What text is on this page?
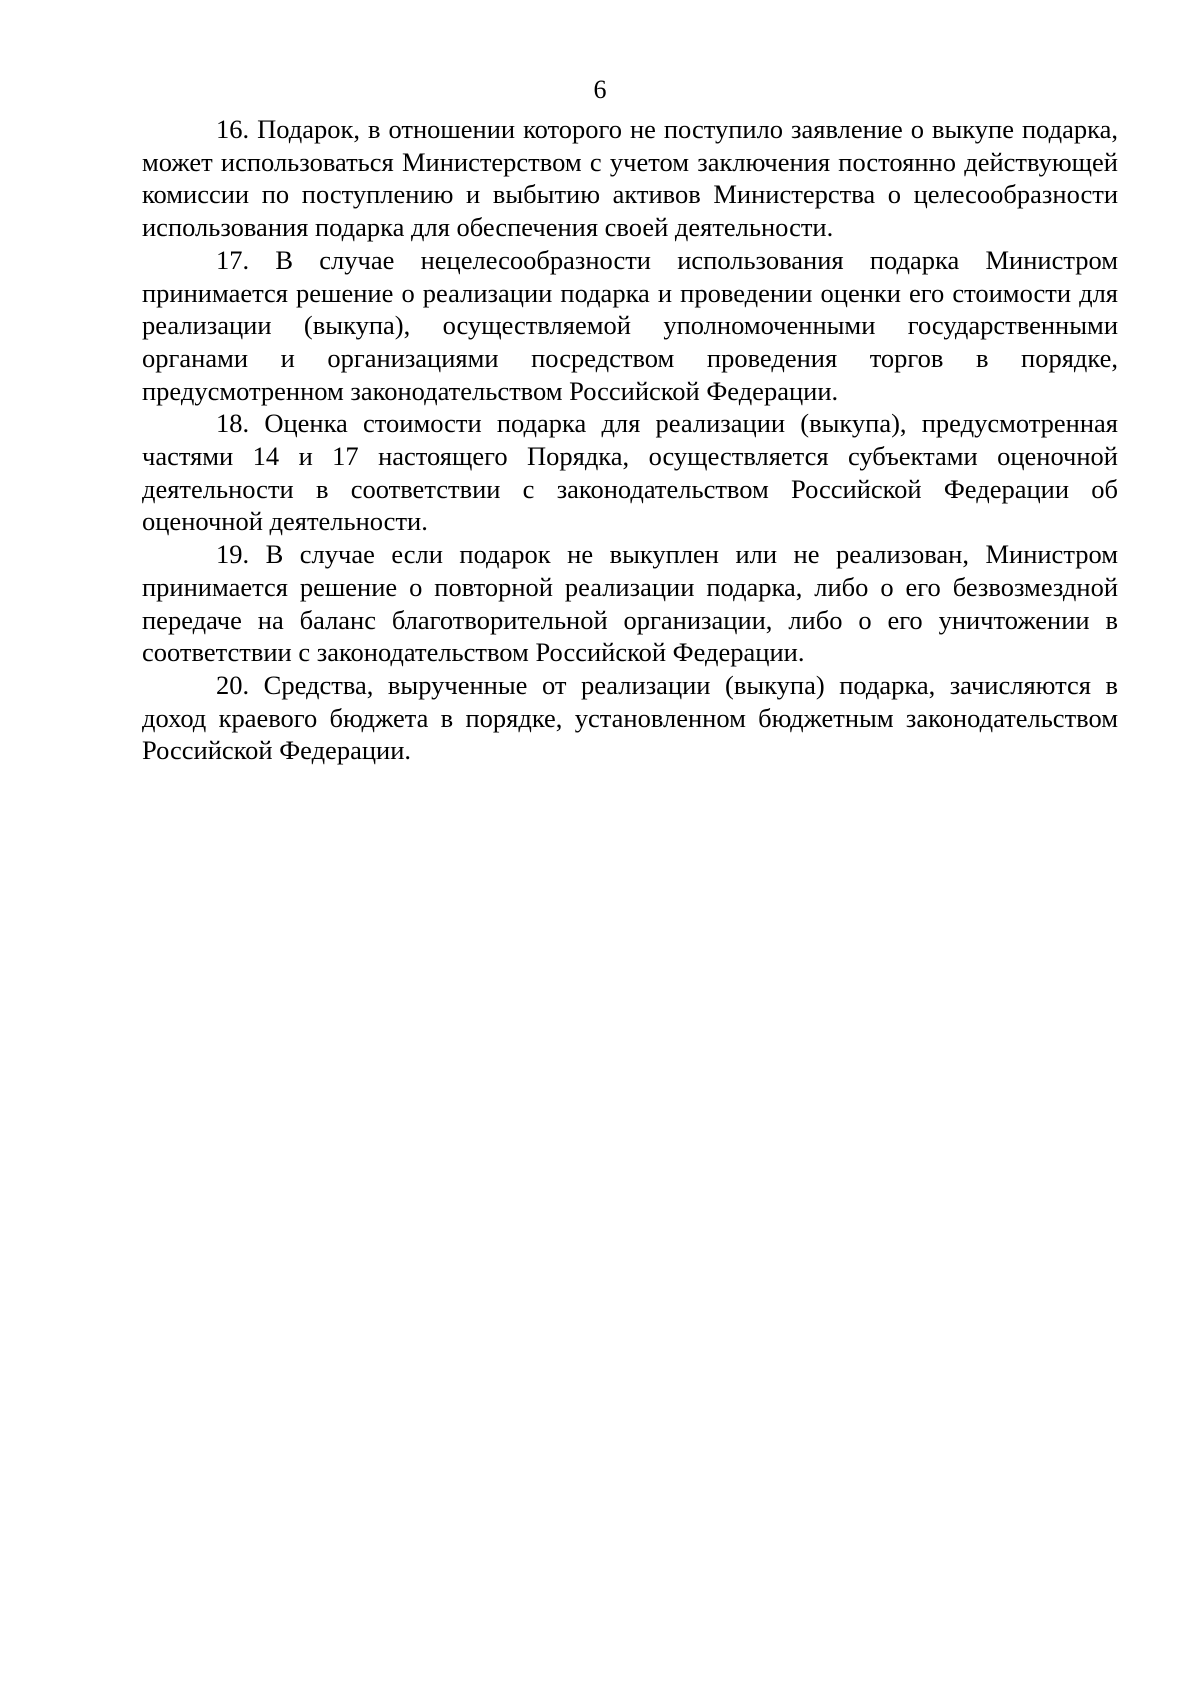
6

16. Подарок, в отношении которого не поступило заявление о выкупе подарка, может использоваться Министерством с учетом заключения постоянно действующей комиссии по поступлению и выбытию активов Министерства о целесообразности использования подарка для обеспечения своей деятельности.

17. В случае нецелесообразности использования подарка Министром принимается решение о реализации подарка и проведении оценки его стоимости для реализации (выкупа), осуществляемой уполномоченными государственными органами и организациями посредством проведения торгов в порядке, предусмотренном законодательством Российской Федерации.

18. Оценка стоимости подарка для реализации (выкупа), предусмотренная частями 14 и 17 настоящего Порядка, осуществляется субъектами оценочной деятельности в соответствии с законодательством Российской Федерации об оценочной деятельности.

19. В случае если подарок не выкуплен или не реализован, Министром принимается решение о повторной реализации подарка, либо о его безвозмездной передаче на баланс благотворительной организации, либо о его уничтожении в соответствии с законодательством Российской Федерации.

20. Средства, вырученные от реализации (выкупа) подарка, зачисляются в доход краевого бюджета в порядке, установленном бюджетным законодательством Российской Федерации.
